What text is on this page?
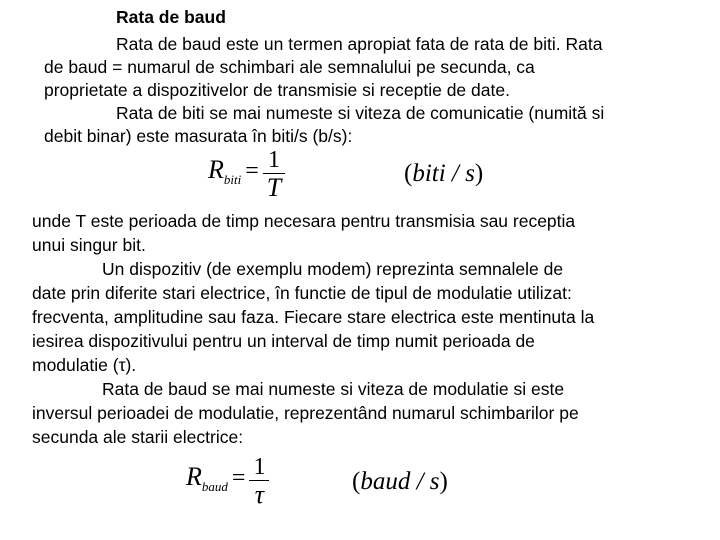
Rata de baud
Rata de baud este un termen apropiat fata de rata de biti. Rata
de baud = numarul de schimbari ale semnalului pe secunda, ca
proprietate a dispozitivelor de transmisie si receptie de date.
Rata de biti se mai numeste si viteza de comunicatie (numită si
debit binar) este masurata în biti/s (b/s):
$R_{biti} = \frac{1}{T}$	(biti / s)
unde T este perioada de timp necesara pentru transmisia sau receptia
unui singur bit.
Un dispozitiv (de exemplu modem) reprezinta semnalele de
date prin diferite stari electrice, în functie de tipul de modulatie utilizat:
frecventa, amplitudine sau faza. Fiecare stare electrica este mentinuta la
iesirea dispozitivului pentru un interval de timp numit perioada de
modulatie (τ).
Rata de baud se mai numeste si viteza de modulatie si este
inversul perioadei de modulatie, reprezentând numarul schimbarilor pe
secunda ale starii electrice:
$R_{baud} = \frac{1}{\tau}$	(baud / s)
